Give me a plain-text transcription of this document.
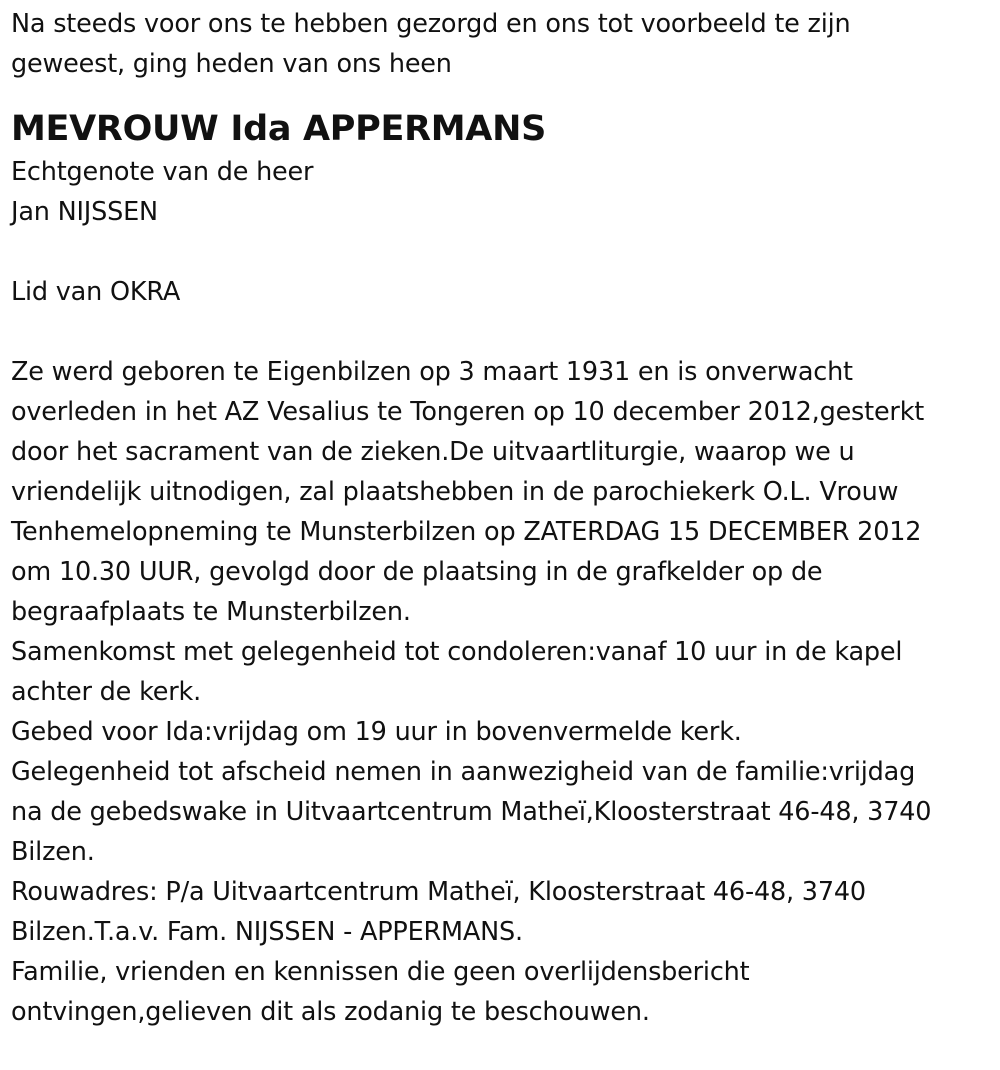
Na steeds voor ons te hebben gezorgd en ons tot voorbeeld te zijn
geweest, ging heden van ons heen
MEVROUW Ida APPERMANS
Echtgenote van de heer
Jan NIJSSEN
Lid van OKRA
Ze werd geboren te Eigenbilzen op 3 maart 1931 en is onverwacht
overleden in het AZ Vesalius te Tongeren op 10 december 2012,gesterkt
door het sacrament van de zieken.De uitvaartliturgie, waarop we u
vriendelijk uitnodigen, zal plaatshebben in de parochiekerk O.L. Vrouw
Tenhemelopneming te Munsterbilzen op ZATERDAG 15 DECEMBER 2012
om 10.30 UUR, gevolgd door de plaatsing in de grafkelder op de
begraafplaats te Munsterbilzen.
Samenkomst met gelegenheid tot condoleren:vanaf 10 uur in de kapel
achter de kerk.
Gebed voor Ida:vrijdag om 19 uur in bovenvermelde kerk.
Gelegenheid tot afscheid nemen in aanwezigheid van de familie:vrijdag
na de gebedswake in Uitvaartcentrum Matheï,Kloosterstraat 46-48, 3740
Bilzen.
Rouwadres: P/a Uitvaartcentrum Matheï, Kloosterstraat 46-48, 3740
Bilzen.T.a.v. Fam. NIJSSEN - APPERMANS.
Familie, vrienden en kennissen die geen overlijdensbericht
ontvingen,gelieven dit als zodanig te beschouwen.
